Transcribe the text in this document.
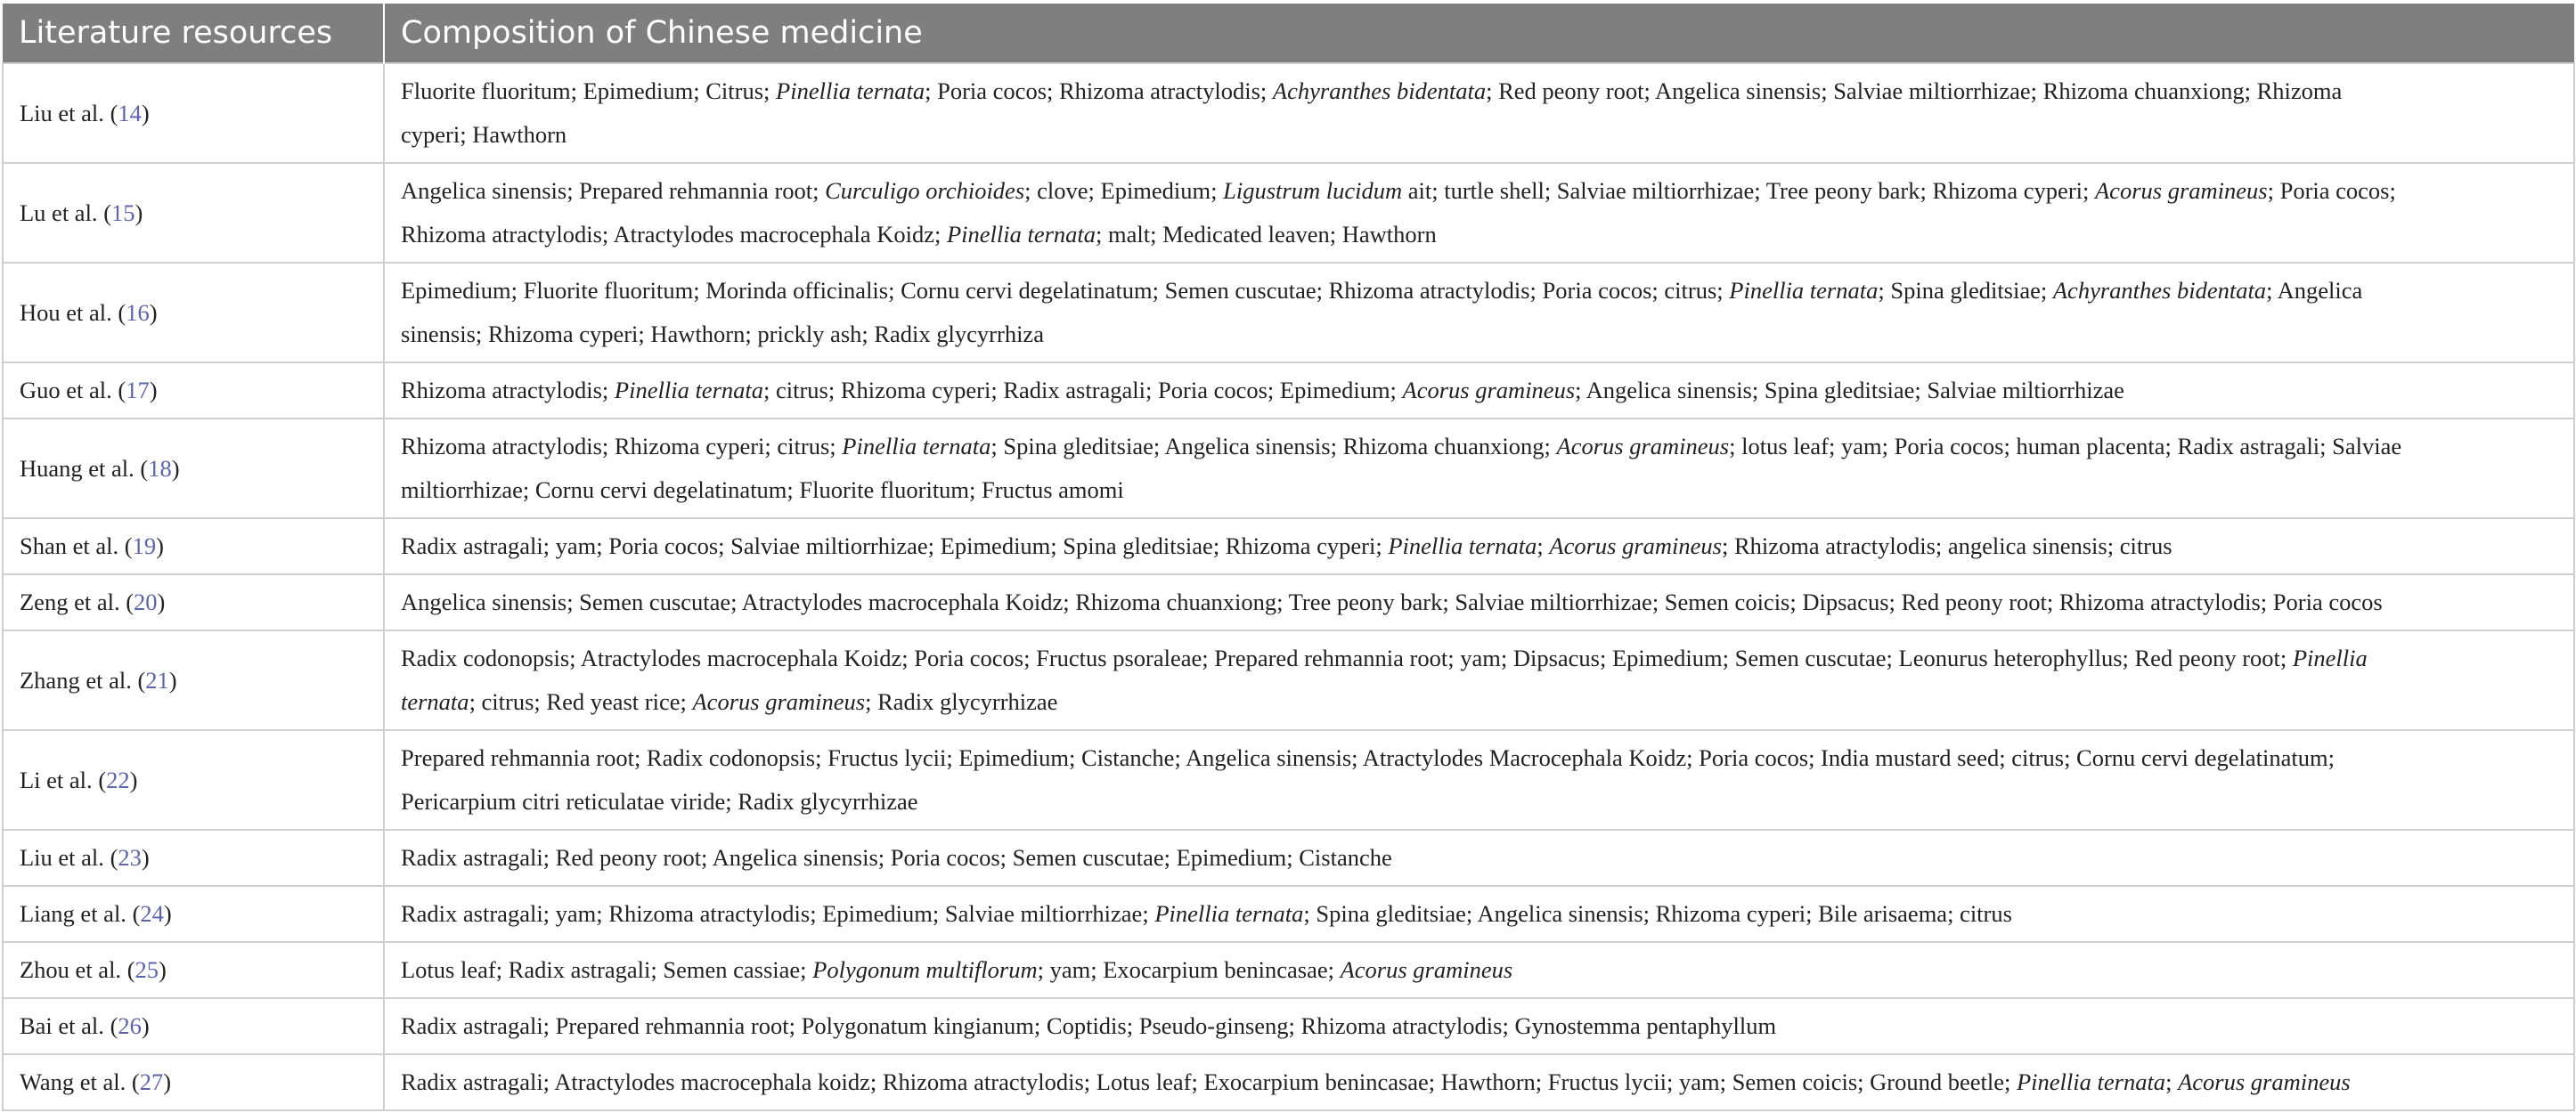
Literature resources	Composition of Chinese medicine
Liu et al. (14)	Fluorite fluoritum; Epimedium; Citrus; Pinellia ternata; Poria cocos; Rhizoma atractylodis; Achyranthes bidentata; Red peony root; Angelica sinensis; Salviae miltiorrhizae; Rhizoma chuanxiong; Rhizoma
cyperi; Hawthorn

Lu et al. (15)	Angelica sinensis; Prepared rehmannia root; Curculigo orchioides; clove; Epimedium; Ligustrum lucidum ait; turtle shell; Salviae miltiorrhizae; Tree peony bark; Rhizoma cyperi; Acorus gramineus; Poria cocos;
Rhizoma atractylodis; Atractylodes macrocephala Koidz; Pinellia ternata; malt; Medicated leaven; Hawthorn

Hou et al. (16)	Epimedium; Fluorite fluoritum; Morinda officinalis; Cornu cervi degelatinatum; Semen cuscutae; Rhizoma atractylodis; Poria cocos; citrus; Pinellia ternata; Spina gleditsiae; Achyranthes bidentata; Angelica
sinensis; Rhizoma cyperi; Hawthorn; prickly ash; Radix glycyrrhiza

Guo et al. (17)	Rhizoma atractylodis; Pinellia ternata; citrus; Rhizoma cyperi; Radix astragali; Poria cocos; Epimedium; Acorus gramineus; Angelica sinensis; Spina gleditsiae; Salviae miltiorrhizae

Huang et al. (18)	Rhizoma atractylodis; Rhizoma cyperi; citrus; Pinellia ternata; Spina gleditsiae; Angelica sinensis; Rhizoma chuanxiong; Acorus gramineus; lotus leaf; yam; Poria cocos; human placenta; Radix astragali; Salviae
miltiorrhizae; Cornu cervi degelatinatum; Fluorite fluoritum; Fructus amomi

Shan et al. (19)	Radix astragali; yam; Poria cocos; Salviae miltiorrhizae; Epimedium; Spina gleditsiae; Rhizoma cyperi; Pinellia ternata; Acorus gramineus; Rhizoma atractylodis; angelica sinensis; citrus

Zeng et al. (20)	Angelica sinensis; Semen cuscutae; Atractylodes macrocephala Koidz; Rhizoma chuanxiong; Tree peony bark; Salviae miltiorrhizae; Semen coicis; Dipsacus; Red peony root; Rhizoma atractylodis; Poria cocos

Zhang et al. (21)	Radix codonopsis; Atractylodes macrocephala Koidz; Poria cocos; Fructus psoraleae; Prepared rehmannia root; yam; Dipsacus; Epimedium; Semen cuscutae; Leonurus heterophyllus; Red peony root; Pinellia
ternata; citrus; Red yeast rice; Acorus gramineus; Radix glycyrrhizae

Li et al. (22)	Prepared rehmannia root; Radix codonopsis; Fructus lycii; Epimedium; Cistanche; Angelica sinensis; Atractylodes Macrocephala Koidz; Poria cocos; India mustard seed; citrus; Cornu cervi degelatinatum;
Pericarpium citri reticulatae viride; Radix glycyrrhizae

Liu et al. (23)	Radix astragali; Red peony root; Angelica sinensis; Poria cocos; Semen cuscutae; Epimedium; Cistanche

Liang et al. (24)	Radix astragali; yam; Rhizoma atractylodis; Epimedium; Salviae miltiorrhizae; Pinellia ternata; Spina gleditsiae; Angelica sinensis; Rhizoma cyperi; Bile arisaema; citrus

Zhou et al. (25)	Lotus leaf; Radix astragali; Semen cassiae; Polygonum multiflorum; yam; Exocarpium benincasae; Acorus gramineus

Bai et al. (26)	Radix astragali; Prepared rehmannia root; Polygonatum kingianum; Coptidis; Pseudo-ginseng; Rhizoma atractylodis; Gynostemma pentaphyllum

Wang et al. (27)	Radix astragali; Atractylodes macrocephala koidz; Rhizoma atractylodis; Lotus leaf; Exocarpium benincasae; Hawthorn; Fructus lycii; yam; Semen coicis; Ground beetle; Pinellia ternata; Acorus gramineus
